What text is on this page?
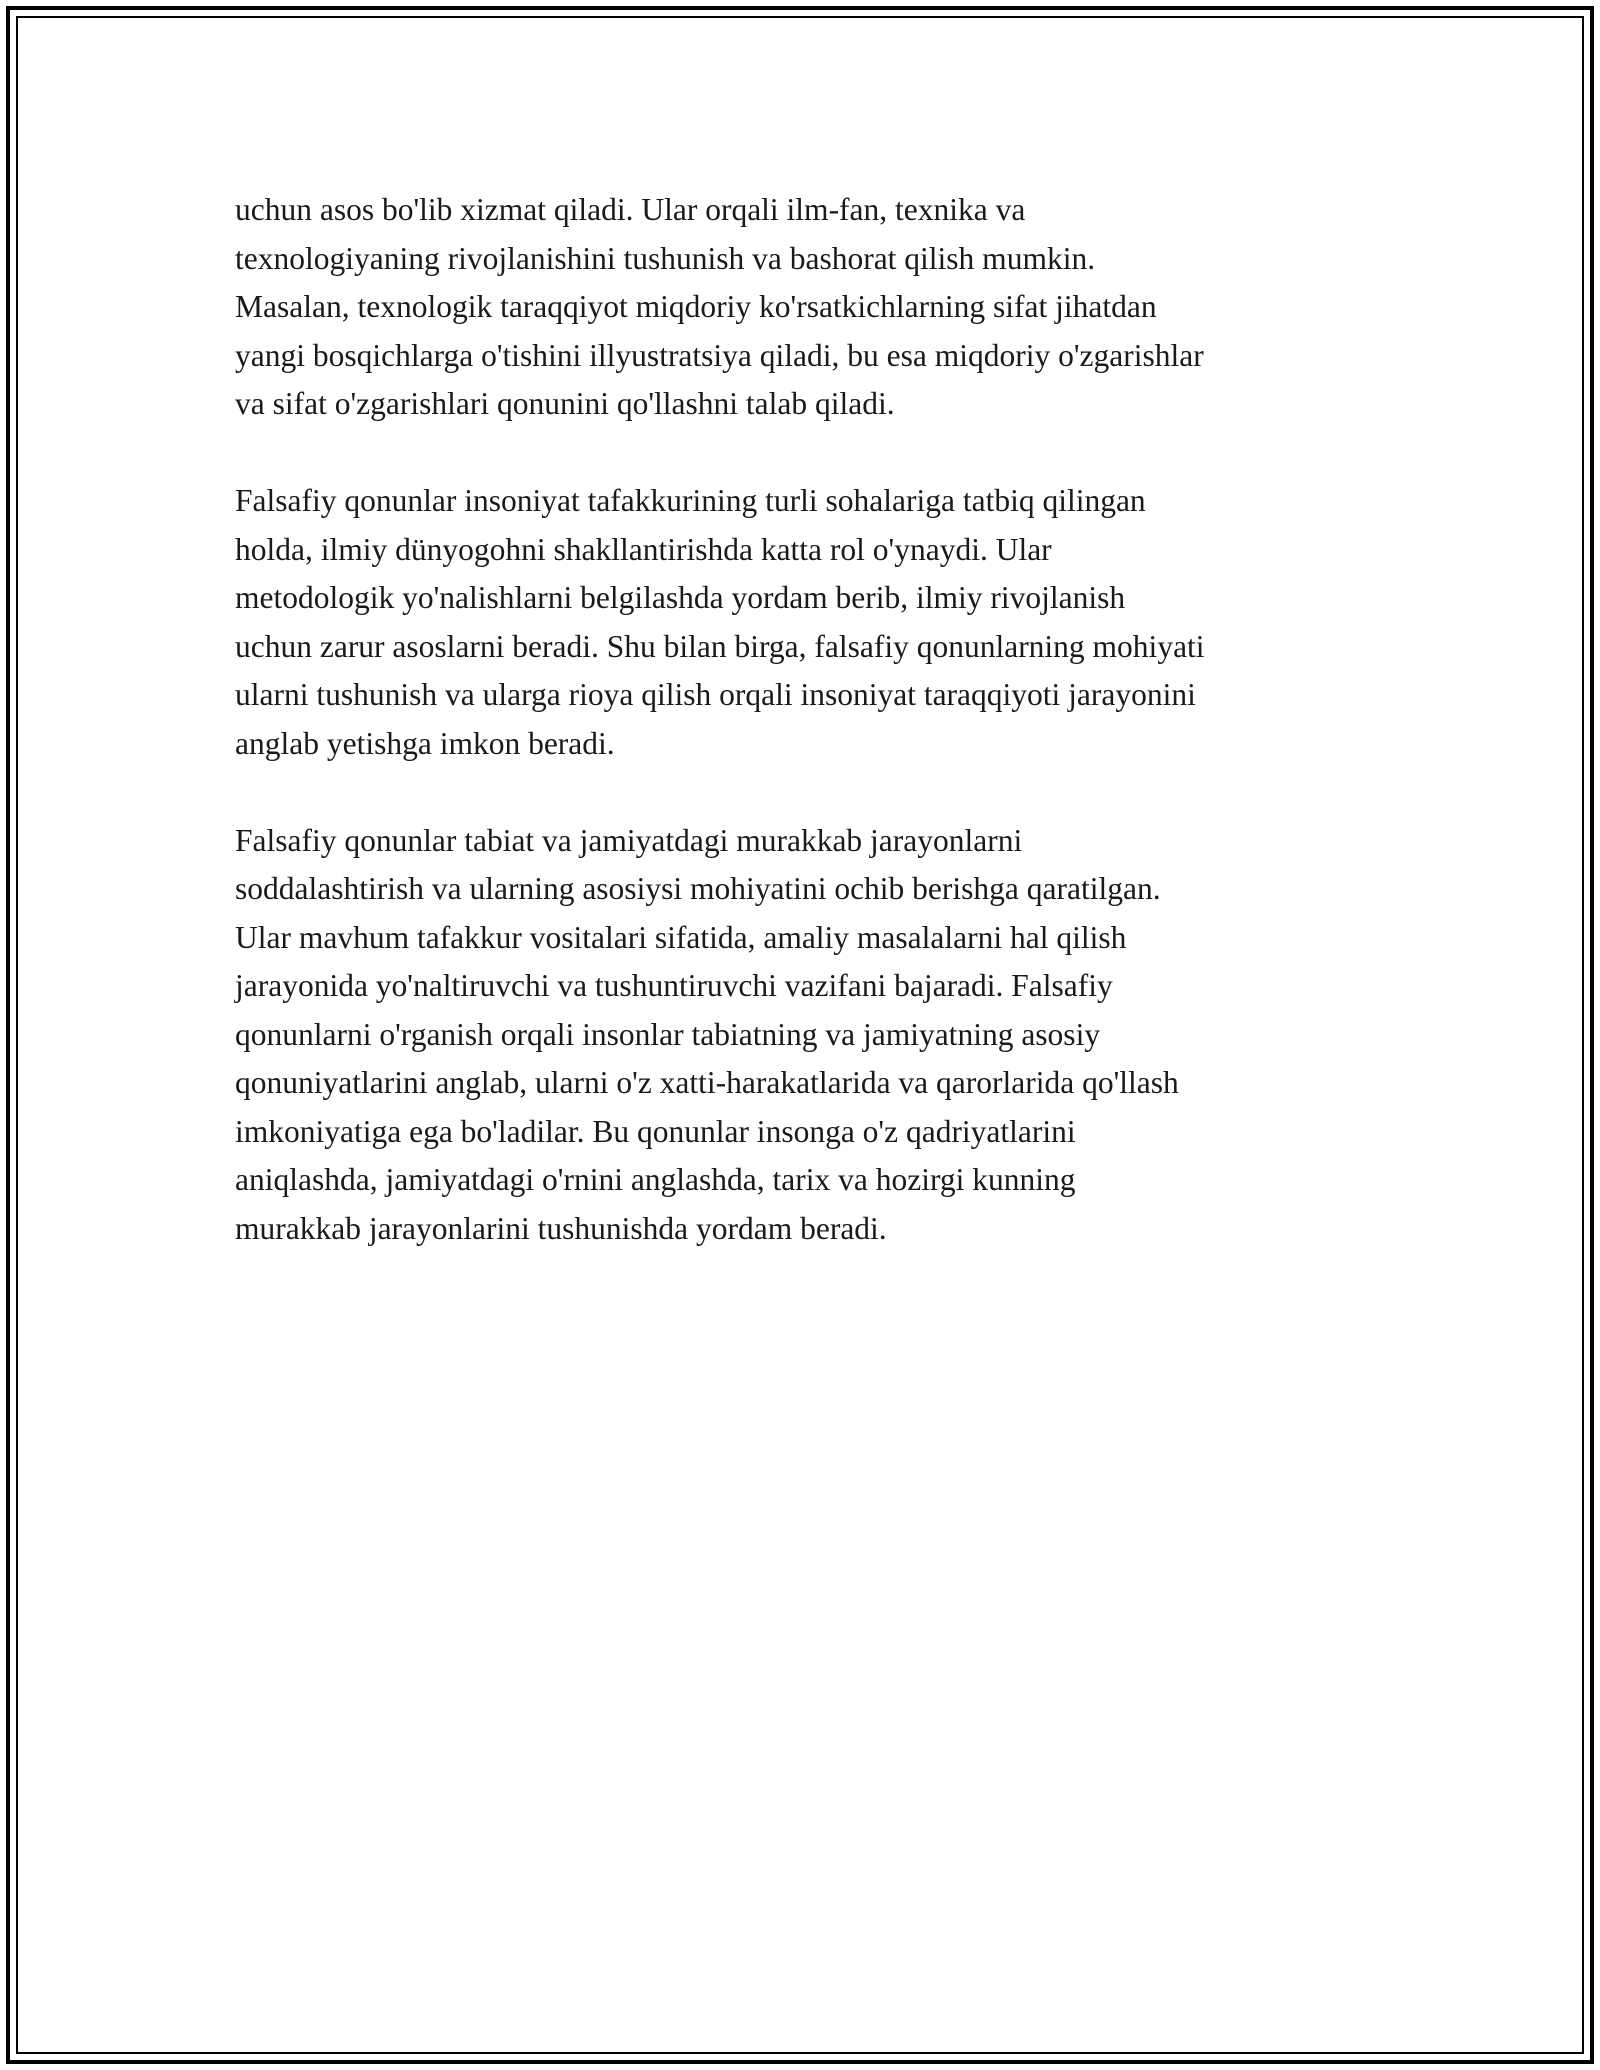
uchun asos bo'lib xizmat qiladi. Ular orqali ilm-fan, texnika va
texnologiyaning rivojlanishini tushunish va bashorat qilish mumkin.
Masalan, texnologik taraqqiyot miqdoriy ko'rsatkichlarning sifat jihatdan
yangi bosqichlarga o'tishini illyustratsiya qiladi, bu esa miqdoriy o'zgarishlar
va sifat o'zgarishlari qonunini qo'llashni talab qiladi.

Falsafiy qonunlar insoniyat tafakkurining turli sohalariga tatbiq qilingan
holda, ilmiy dünyogohni shakllantirishda katta rol o'ynaydi. Ular
metodologik yo'nalishlarni belgilashda yordam berib, ilmiy rivojlanish
uchun zarur asoslarni beradi. Shu bilan birga, falsafiy qonunlarning mohiyati
ularni tushunish va ularga rioya qilish orqali insoniyat taraqqiyoti jarayonini
anglab yetishga imkon beradi.

Falsafiy qonunlar tabiat va jamiyatdagi murakkab jarayonlarni
soddalashtirish va ularning asosiysi mohiyatini ochib berishga qaratilgan.
Ular mavhum tafakkur vositalari sifatida, amaliy masalalarni hal qilish
jarayonida yo'naltiruvchi va tushuntiruvchi vazifani bajaradi. Falsafiy
qonunlarni o'rganish orqali insonlar tabiatning va jamiyatning asosiy
qonuniyatlarini anglab, ularni o'z xatti-harakatlarida va qarorlarida qo'llash
imkoniyatiga ega bo'ladilar. Bu qonunlar insonga o'z qadriyatlarini
aniqlashda, jamiyatdagi o'rnini anglashda, tarix va hozirgi kunning
murakkab jarayonlarini tushunishda yordam beradi.
